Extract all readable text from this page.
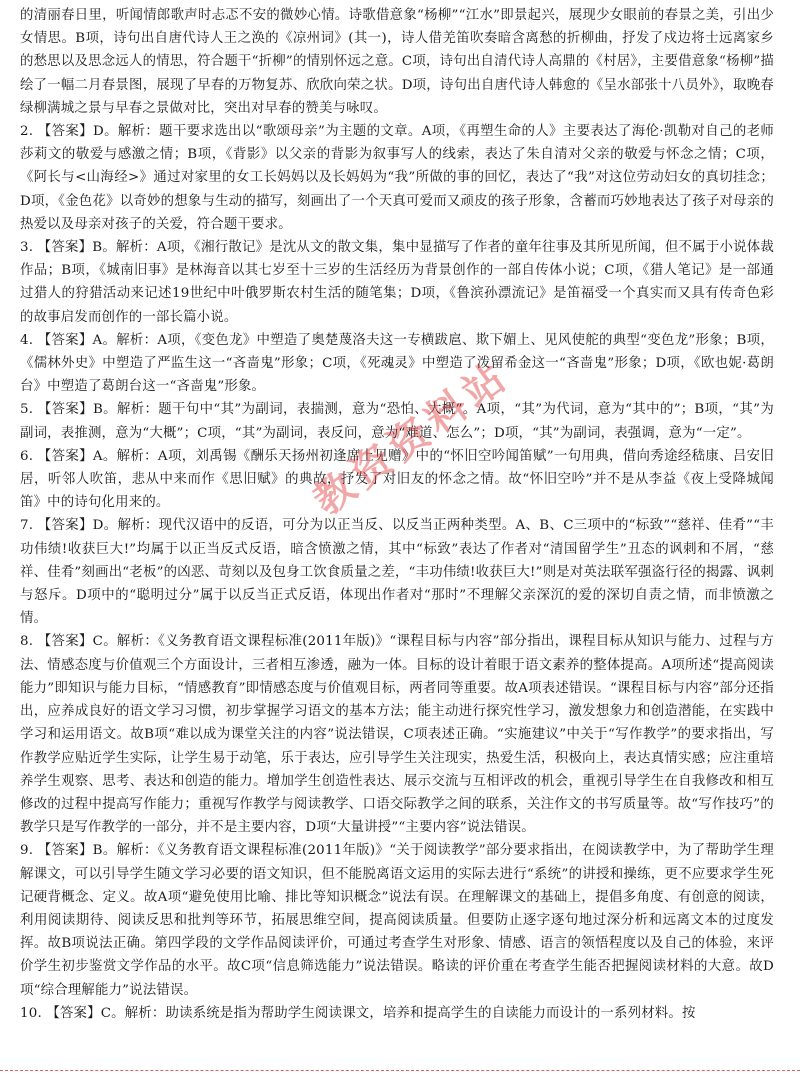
的清丽春日里，听闻情郎歌声时忐忑不安的微妙心情。诗歌借意象“杨柳”“江水”即景起兴，展现少女眼前的春景之美，引出少女情思。B项，诗句出自唐代诗人王之涣的《凉州词》(其一)，诗人借羌笛吹奏暗含离愁的折柳曲，抒发了戍边将士远离家乡的愁思以及思念远人的情思，符合题干“折柳”的情别怀远之意。C项，诗句出自清代诗人高鼎的《村居》，主要借意象“杨柳”描绘了一幅二月春景图，展现了早春的万物复苏、欣欣向荣之状。D项，诗句出自唐代诗人韩愈的《呈水部张十八员外》，取晚春绿柳满城之景与早春之景做对比，突出对早春的赞美与咏叹。

2. 【答案】D。解析：题干要求选出以“歌颂母亲”为主题的文章。A项，《再塑生命的人》主要表达了海伦·凯勒对自己的老师莎莉文的敬爱与感激之情；B项，《背影》以父亲的背影为叙事写人的线索，表达了朱自清对父亲的敬爱与怀念之情；C项，《阿长与<山海经>》通过对家里的女工长妈妈以及长妈妈为“我”所做的事的回忆，表达了“我”对这位劳动妇女的真切挂念；D项，《金色花》以奇妙的想象与生动的描写，刻画出了一个天真可爱而又顽皮的孩子形象，含蓄而巧妙地表达了孩子对母亲的热爱以及母亲对孩子的关爱，符合题干要求。

3. 【答案】B。解析：A项，《湘行散记》是沈从文的散文集，集中显描写了作者的童年往事及其所见所闻，但不属于小说体裁作品；B项，《城南旧事》是林海音以其七岁至十三岁的生活经历为背景创作的一部自传体小说；C项，《猎人笔记》是一部通过猎人的狩猎活动来记述19世纪中叶俄罗斯农村生活的随笔集；D项，《鲁滨孙漂流记》是笛福受一个真实而又具有传奇色彩的故事启发而创作的一部长篇小说。

4. 【答案】A。解析：A项，《变色龙》中塑造了奥楚蔑洛夫这一专横跋扈、欺下媚上、见风使舵的典型“变色龙”形象；B项，《儒林外史》中塑造了严监生这一“吝啬鬼”形象；C项，《死魂灵》中塑造了泼留希金这一“吝啬鬼”形象；D项，《欧也妮·葛朗台》中塑造了葛朗台这一“吝啬鬼”形象。

5. 【答案】B。解析：题干句中“其”为副词，表揣测，意为“恐怕、大概”。A项，“其”为代词，意为“其中的”；B项，“其”为副词，表推测，意为“大概”；C项，“其”为副词，表反问，意为“难道、怎么”；D项，“其”为副词，表强调，意为“一定”。

6. 【答案】A。解析：A项，刘禹锡《酬乐天扬州初逢席上见赠》中的“怀旧空吟闻笛赋”一句用典，借向秀途经嵇康、吕安旧居，听邻人吹笛，悲从中来而作《思旧赋》的典故，抒发了对旧友的怀念之情。故“怀旧空吟”并不是从李益《夜上受降城闻笛》中的诗句化用来的。

7. 【答案】D。解析：现代汉语中的反语，可分为以正当反、以反当正两种类型。A、B、C三项中的“标致”“慈祥、佳肴”“丰功伟绩!收获巨大!”均属于以正当反式反语，暗含愤激之情，其中“标致”表达了作者对“清国留学生”丑态的讽刺和不屑，“慈祥、佳肴”刻画出“老板”的凶恶、苛刻以及包身工饮食质量之差，“丰功伟绩!收获巨大!”则是对英法联军强盗行径的揭露、讽刺与怒斥。D项中的“聪明过分”属于以反当正式反语，体现出作者对“那时”不理解父亲深沉的爱的深切自责之情，而非愤激之情。

8. 【答案】C。解析：《义务教育语文课程标准(2011年版)》“课程目标与内容”部分指出，课程目标从知识与能力、过程与方法、情感态度与价值观三个方面设计，三者相互渗透，融为一体。目标的设计着眼于语文素养的整体提高。A项所述“提高阅读能力”即知识与能力目标，“情感教育”即情感态度与价值观目标，两者同等重要。故A项表述错误。“课程目标与内容”部分还指出，应养成良好的语文学习习惯，初步掌握学习语文的基本方法；能主动进行探究性学习，激发想象力和创造潜能，在实践中学习和运用语文。故B项“难以成为课堂关注的内容”说法错误，C项表述正确。“实施建议”中关于“写作教学”的要求指出，写作教学应贴近学生实际，让学生易于动笔，乐于表达，应引导学生关注现实，热爱生活，积极向上，表达真情实感；应注重培养学生观察、思考、表达和创造的能力。增加学生创造性表达、展示交流与互相评改的机会，重视引导学生在自我修改和相互修改的过程中提高写作能力；重视写作教学与阅读教学、口语交际教学之间的联系，关注作文的书写质量等。故“写作技巧”的教学只是写作教学的一部分，并不是主要内容，D项“大量讲授”“主要内容”说法错误。

9. 【答案】B。解析：《义务教育语文课程标准(2011年版)》“关于阅读教学”部分要求指出，在阅读教学中，为了帮助学生理解课文，可以引导学生随文学习必要的语文知识，但不能脱离语文运用的实际去进行“系统”的讲授和操练，更不应要求学生死记硬背概念、定义。故A项“避免使用比喻、排比等知识概念”说法有误。在理解课文的基础上，提倡多角度、有创意的阅读，利用阅读期待、阅读反思和批判等环节，拓展思维空间，提高阅读质量。但要防止逐字逐句地过深分析和远离文本的过度发挥。故B项说法正确。第四学段的文学作品阅读评价，可通过考查学生对形象、情感、语言的领悟程度以及自己的体验，来评价学生初步鉴赏文学作品的水平。故C项“信息筛选能力”说法错误。略读的评价重在考查学生能否把握阅读材料的大意。故D项“综合理解能力”说法错误。

10. 【答案】C。解析：助读系统是指为帮助学生阅读课文，培养和提高学生的自读能力而设计的一系列材料。按

教资资料站
